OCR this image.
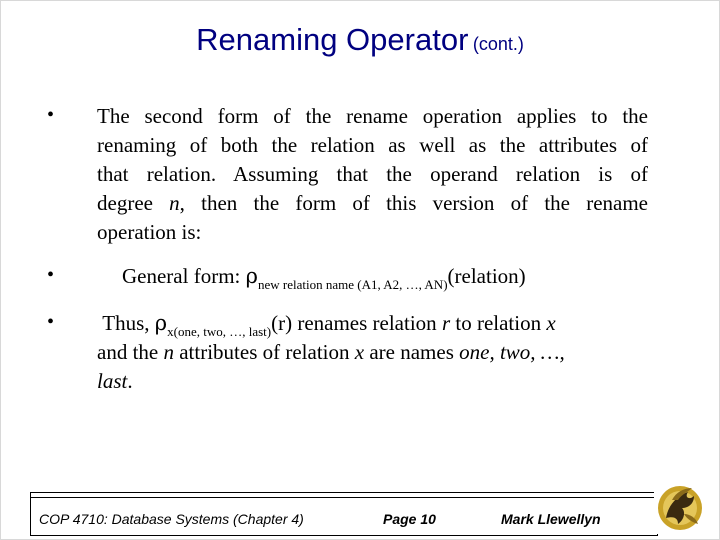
Renaming Operator (cont.)
• The second form of the rename operation applies to the
renaming of both the relation as well as the attributes of
that relation. Assuming that the operand relation is of
degree n, then the form of this version of the rename
operation is:
•	General form: $\rho_{new relation name (A1, A2, \dots, AN)}(relation)$
• Thus, $\rho_{x(one, two, \dots, last)}(r)$ renames relation r to relation x
and the n attributes of relation x are names one, two, …,
last.
COP 4710: Database Systems (Chapter 4)	Page 10	Mark Llewellyn
